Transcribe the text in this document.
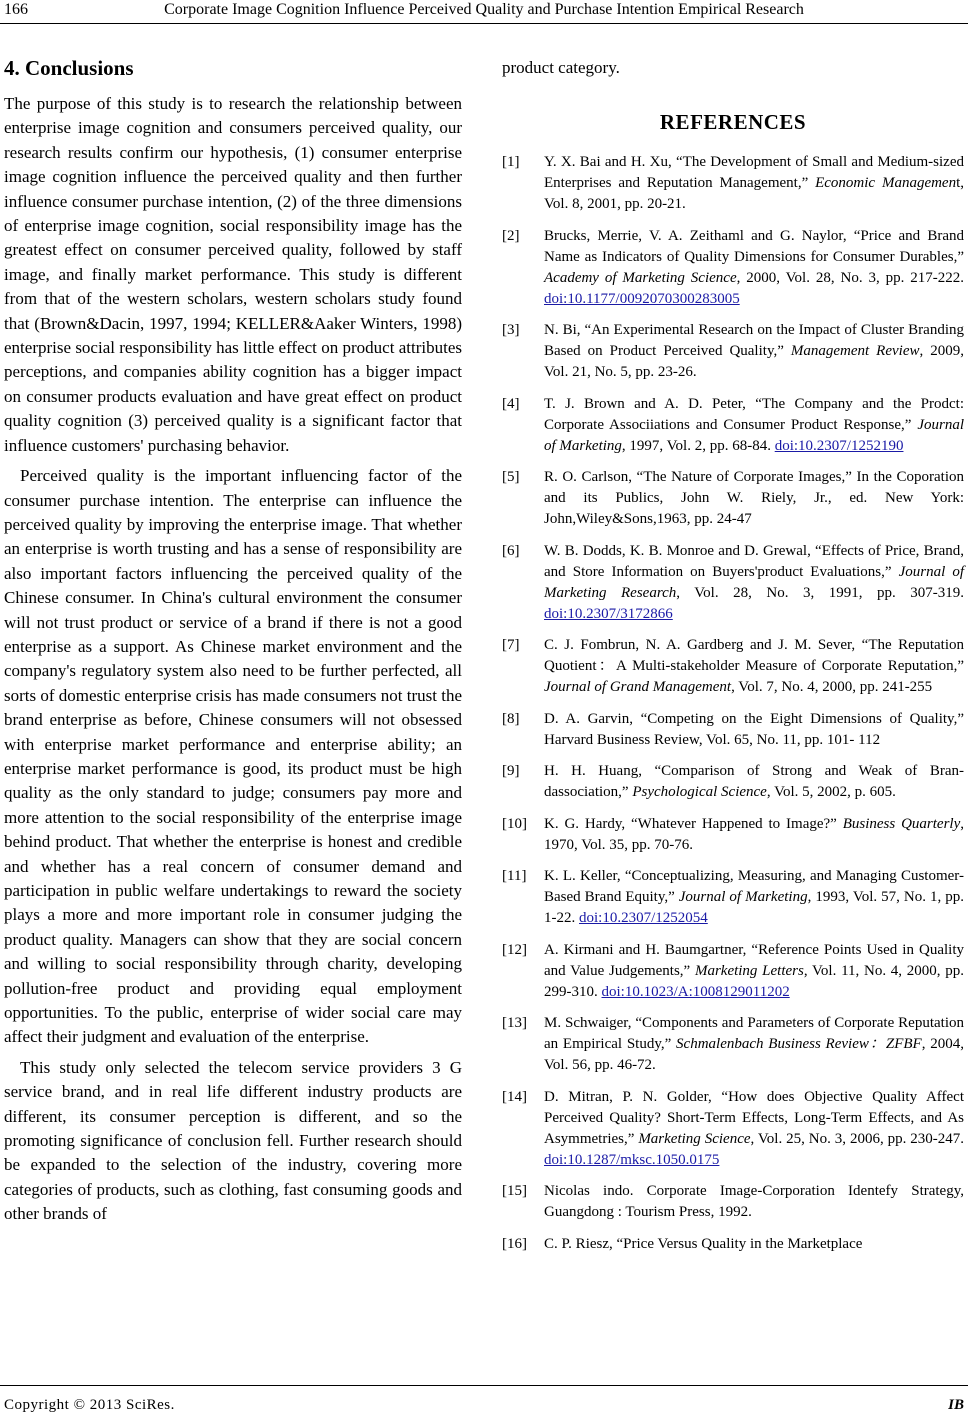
166	Corporate Image Cognition Influence Perceived Quality and Purchase Intention Empirical Research
4. Conclusions

The purpose of this study is to research the relationship between enterprise image cognition and consumers perceived quality, our research results confirm our hypothesis, (1) consumer enterprise image cognition influence the perceived quality and then further influence consumer purchase intention, (2) of the three dimensions of enterprise image cognition, social responsibility image has the greatest effect on consumer perceived quality, followed by staff image, and finally market performance. This study is different from that of the western scholars, western scholars study found that (Brown&Dacin, 1997, 1994; KELLER&Aaker Winters, 1998) enterprise social responsibility has little effect on product attributes perceptions, and companies ability cognition has a bigger impact on consumer products evaluation and have great effect on product quality cognition (3) perceived quality is a significant factor that influence customers' purchasing behavior.

Perceived quality is the important influencing factor of the consumer purchase intention. The enterprise can influence the perceived quality by improving the enterprise image. That whether an enterprise is worth trusting and has a sense of responsibility are also important factors influencing the perceived quality of the Chinese consumer. In China's cultural environment the consumer will not trust product or service of a brand if there is not a good enterprise as a support. As Chinese market environment and the company's regulatory system also need to be further perfected, all sorts of domestic enterprise crisis has made consumers not trust the brand enterprise as before, Chinese consumers will not obsessed with enterprise market performance and enterprise ability; an enterprise market performance is good, its product must be high quality as the only standard to judge; consumers pay more and more attention to the social responsibility of the enterprise image behind product. That whether the enterprise is honest and credible and whether has a real concern of consumer demand and participation in public welfare undertakings to reward the society plays a more and more important role in consumer judging the product quality. Managers can show that they are social concern and willing to social responsibility through charity, developing pollution-free product and providing equal employment opportunities. To the public, enterprise of wider social care may affect their judgment and evaluation of the enterprise.

This study only selected the telecom service providers 3 G service brand, and in real life different industry products are different, its consumer perception is different, and so the promoting significance of conclusion fell. Further research should be expanded to the selection of the industry, covering more categories of products, such as clothing, fast consuming goods and other brands of

product category.

REFERENCES
[1]	Y. X. Bai and H. Xu, “The Development of Small and Medium-sized Enterprises and Reputation Management,” Economic Management, Vol. 8, 2001, pp. 20-21.
[2]	Brucks, Merrie, V. A. Zeithaml and G. Naylor, “Price and Brand Name as Indicators of Quality Dimensions for Consumer Durables,” Academy of Marketing Science, 2000, Vol. 28, No. 3, pp. 217-222. doi:10.1177/0092070300283005
[3]	N. Bi, “An Experimental Research on the Impact of Cluster Branding Based on Product Perceived Quality,” Management Review, 2009, Vol. 21, No. 5, pp. 23-26.
[4]	T. J. Brown and A. D. Peter, “The Company and the Prodct: Corporate Associiations and Consumer Product Response,” Journal of Marketing, 1997, Vol. 2, pp. 68-84. doi:10.2307/1252190
[5]	R. O. Carlson, “The Nature of Corporate Images,” In the Coporation and its Publics, John W. Riely, Jr., ed. New York: John,Wiley&Sons,1963, pp. 24-47
[6]	W. B. Dodds, K. B. Monroe and D. Grewal, “Effects of Price, Brand, and Store Information on Buyers'product Evaluations,” Journal of Marketing Research, Vol. 28, No. 3, 1991, pp. 307-319. doi:10.2307/3172866
[7]	C. J. Fombrun, N. A. Gardberg and J. M. Sever, “The Reputation Quotient：A Multi-stakeholder Measure of Corporate Reputation,” Journal of Grand Management, Vol. 7, No. 4, 2000, pp. 241-255
[8]	D. A. Garvin, “Competing on the Eight Dimensions of Quality,” Harvard Business Review, Vol. 65, No. 11, pp. 101- 112
[9]	H. H. Huang, “Comparison of Strong and Weak of Brandassociation,” Psychological Science, Vol. 5, 2002, p. 605.
[10]	K. G. Hardy, “Whatever Happened to Image?” Business Quarterly, 1970, Vol. 35, pp. 70-76.
[11]	K. L. Keller, “Conceptualizing, Measuring, and Managing Customer-Based Brand Equity,” Journal of Marketing, 1993, Vol. 57, No. 1, pp. 1-22. doi:10.2307/1252054
[12]	A. Kirmani and H. Baumgartner, “Reference Points Used in Quality and Value Judgements,” Marketing Letters, Vol. 11, No. 4, 2000, pp. 299-310. doi:10.1023/A:1008129011202
[13]	M. Schwaiger, “Components and Parameters of Corporate Reputation an Empirical Study,” Schmalenbach Business Review：ZFBF, 2004, Vol. 56, pp. 46-72.
[14]	D. Mitran, P. N. Golder, “How does Objective Quality Affect Perceived Quality? Short-Term Effects, Long-Term Effects, and As Asymmetries,” Marketing Science, Vol. 25, No. 3, 2006, pp. 230-247. doi:10.1287/mksc.1050.0175
[15]	Nicolas indo. Corporate Image-Corporation Identefy Strategy, Guangdong : Tourism Press, 1992.
[16]	C. P. Riesz, “Price Versus Quality in the Marketplace
Copyright © 2013 SciRes.	IB
